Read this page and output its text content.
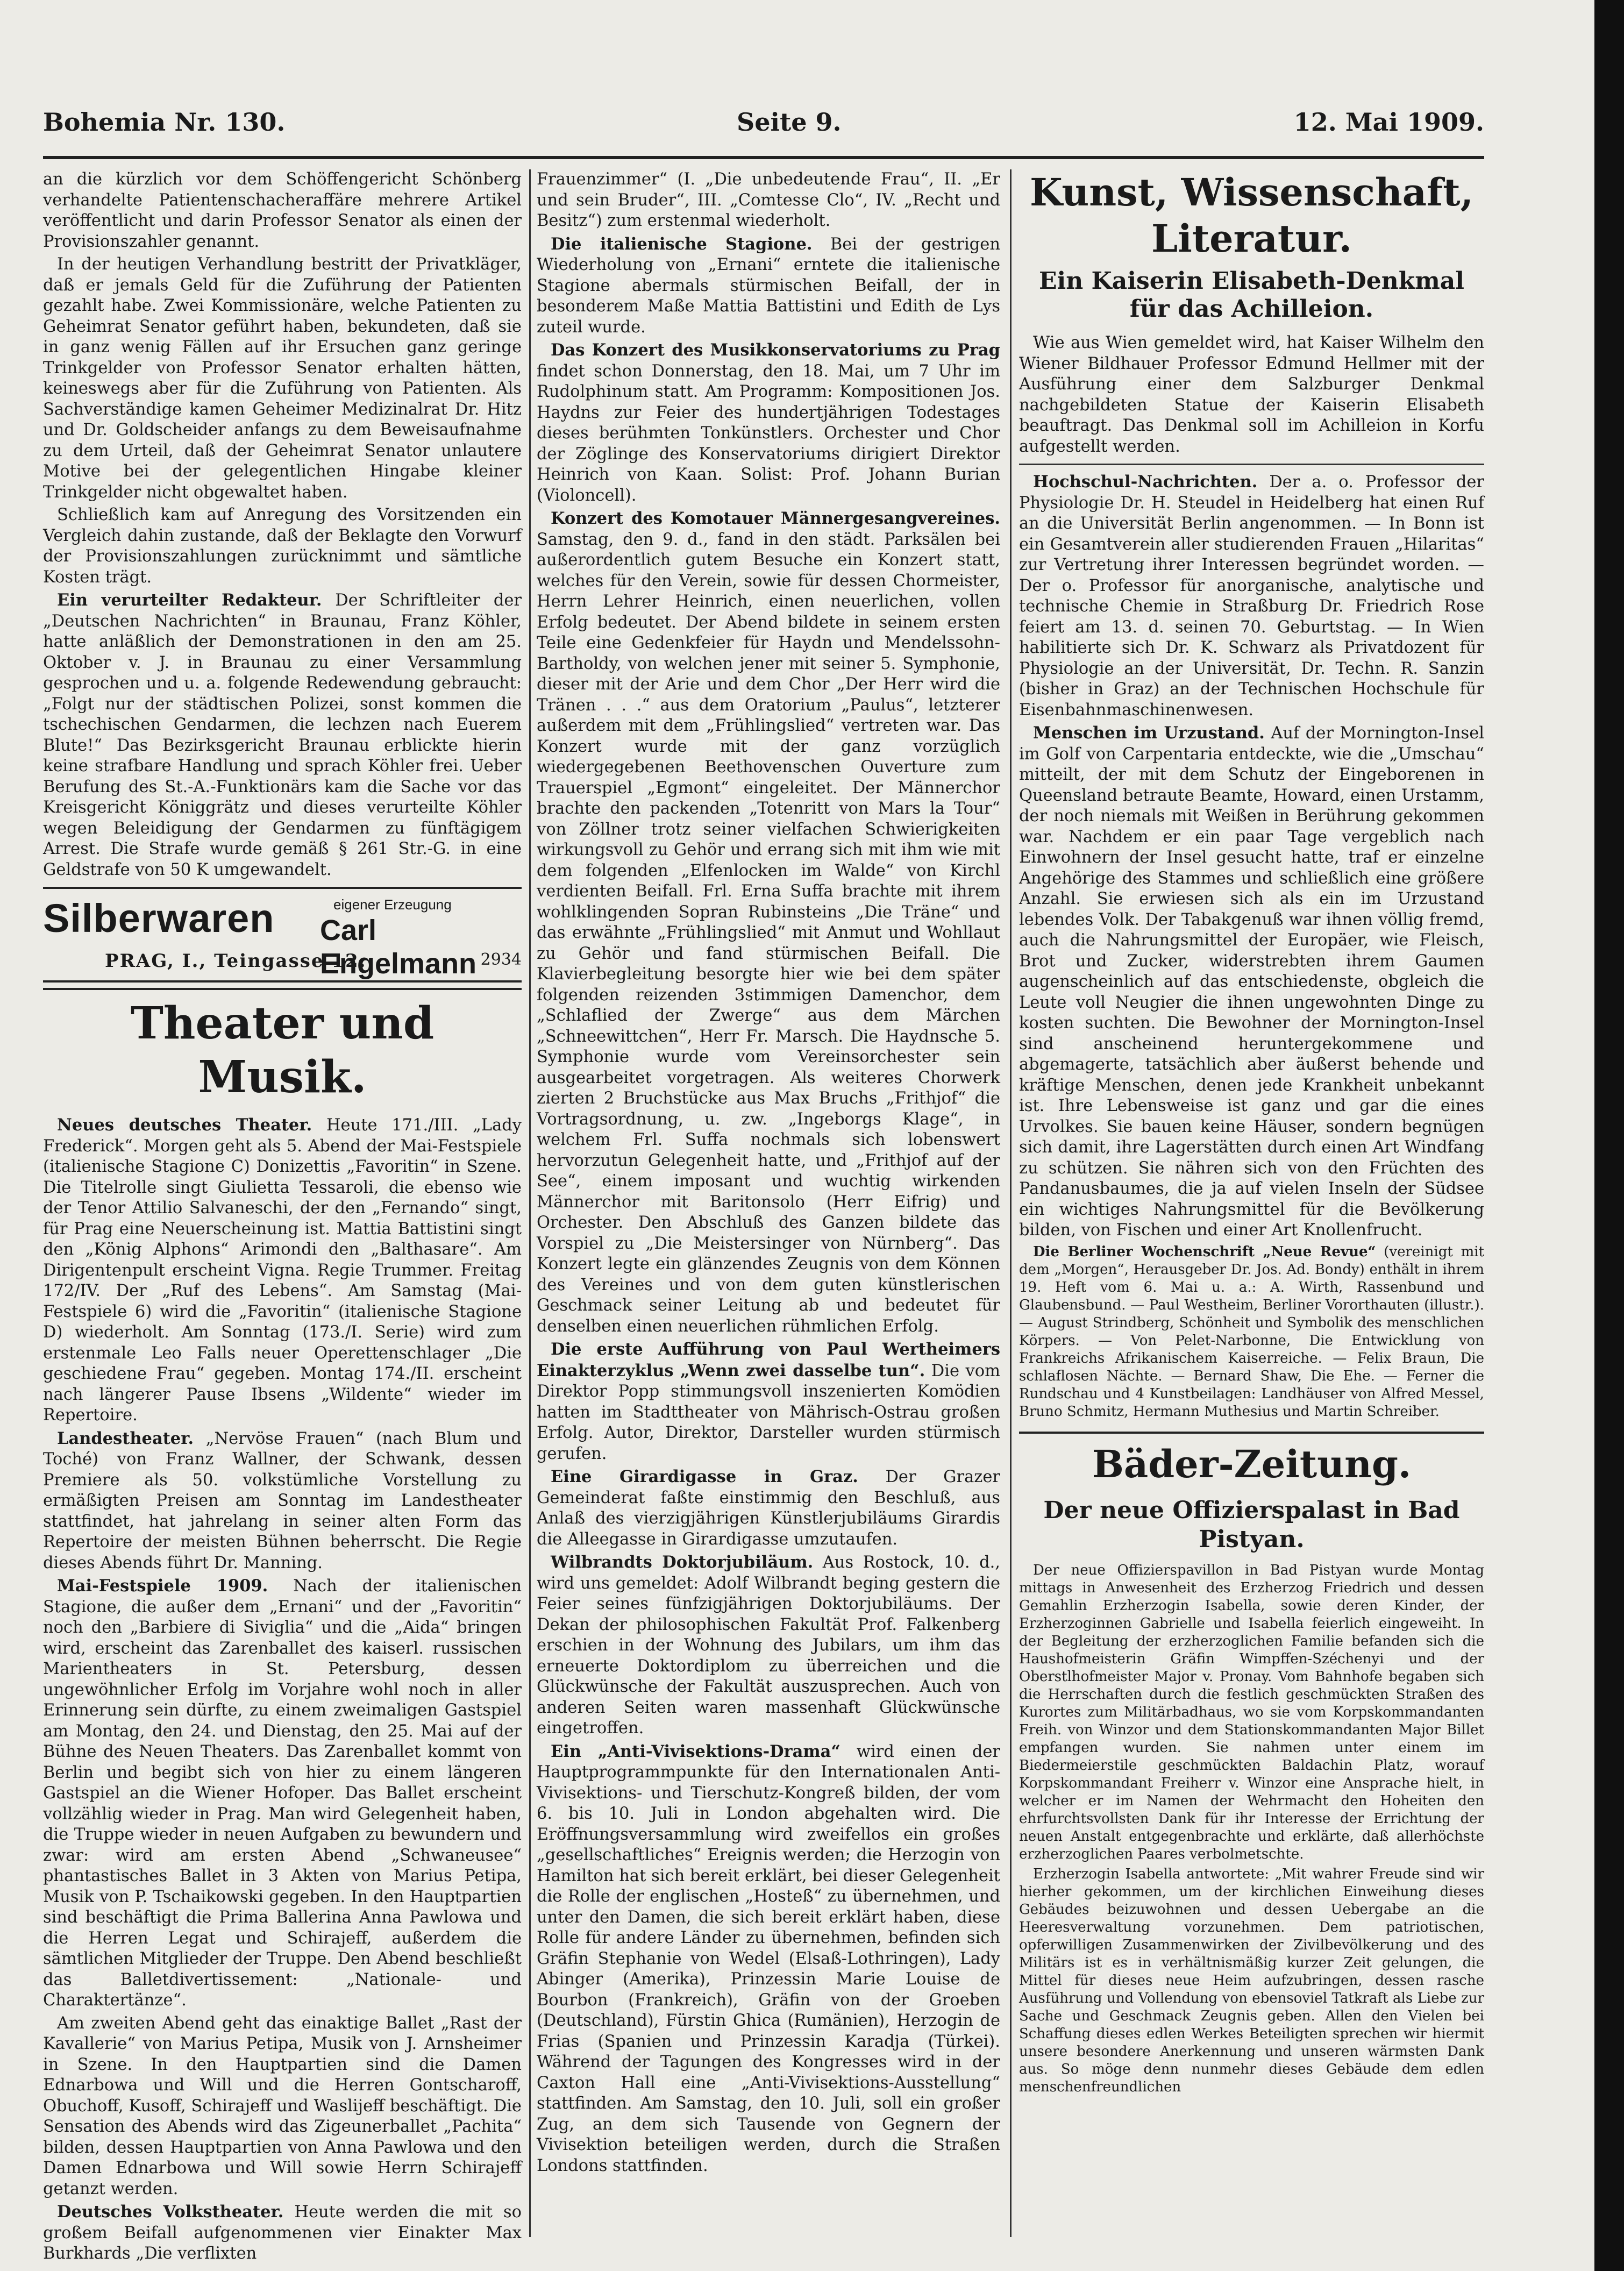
Bohemia Nr. 130.	Seite 9.	12. Mai 1909.

an die kürzlich vor dem Schöffengericht Schönberg verhandelte Patientenschacheraffäre mehrere Artikel veröffentlicht und darin Professor Senator als einen der Provisionszahler genannt.

In der heutigen Verhandlung bestritt der Privatkläger, daß er jemals Geld für die Zuführung der Patienten gezahlt habe. Zwei Kommissionäre, welche Patienten zu Geheimrat Senator geführt haben, bekundeten, daß sie in ganz wenig Fällen auf ihr Ersuchen ganz geringe Trinkgelder von Professor Senator erhalten hätten, keineswegs aber für die Zuführung von Patienten. Als Sachverständige kamen Geheimer Medizinalrat Dr. Hitz und Dr. Goldscheider anfangs zu dem Beweisaufnahme zu dem Urteil, daß der Geheimrat Senator unlautere Motive bei der gelegentlichen Hingabe kleiner Trinkgelder nicht obgewaltet haben.

Schließlich kam auf Anregung des Vorsitzenden ein Vergleich dahin zustande, daß der Beklagte den Vorwurf der Provisionszahlungen zurücknimmt und sämtliche Kosten trägt.

Ein verurteilter Redakteur. Der Schriftleiter der „Deutschen Nachrichten“ in Braunau, Franz Köhler, hatte anläßlich der Demonstrationen in den am 25. Oktober v. J. in Braunau zu einer Versammlung gesprochen und u. a. folgende Redewendung gebraucht: „Folgt nur der städtischen Polizei, sonst kommen die tschechischen Gendarmen, die lechzen nach Euerem Blute!“ Das Bezirksgericht Braunau erblickte hierin keine strafbare Handlung und sprach Köhler frei. Ueber Berufung des St.-A.-Funktionärs kam die Sache vor das Kreisgericht Königgrätz und dieses verurteilte Köhler wegen Beleidigung der Gendarmen zu fünftägigem Arrest. Die Strafe wurde gemäß § 261 Str.-G. in eine Geldstrafe von 50 K umgewandelt.

Silberwaren	eigener Erzeugung
Carl Engelmann
PRAG, I., Teingasse 12.	2934
Theater und Musik.

Neues deutsches Theater. Heute 171./III. „Lady Frederick“. Morgen geht als 5. Abend der Mai-Festspiele (italienische Stagione C) Donizettis „Favoritin“ in Szene. Die Titelrolle singt Giulietta Tessaroli, die ebenso wie der Tenor Attilio Salvaneschi, der den „Fernando“ singt, für Prag eine Neuerscheinung ist. Mattia Battistini singt den „König Alphons“ Arimondi den „Balthasare“. Am Dirigentenpult erscheint Vigna. Regie Trummer. Freitag 172/IV. Der „Ruf des Lebens“. Am Samstag (Mai-Festspiele 6) wird die „Favoritin“ (italienische Stagione D) wiederholt. Am Sonntag (173./I. Serie) wird zum erstenmale Leo Falls neuer Operettenschlager „Die geschiedene Frau“ gegeben. Montag 174./II. erscheint nach längerer Pause Ibsens „Wildente“ wieder im Repertoire.

Landestheater. „Nervöse Frauen“ (nach Blum und Toché) von Franz Wallner, der Schwank, dessen Premiere als 50. volkstümliche Vorstellung zu ermäßigten Preisen am Sonntag im Landestheater stattfindet, hat jahrelang in seiner alten Form das Repertoire der meisten Bühnen beherrscht. Die Regie dieses Abends führt Dr. Manning.

Mai-Festspiele 1909. Nach der italienischen Stagione, die außer dem „Ernani“ und der „Favoritin“ noch den „Barbiere di Siviglia“ und die „Aida“ bringen wird, erscheint das Zarenballet des kaiserl. russischen Marientheaters in St. Petersburg, dessen ungewöhnlicher Erfolg im Vorjahre wohl noch in aller Erinnerung sein dürfte, zu einem zweimaligen Gastspiel am Montag, den 24. und Dienstag, den 25. Mai auf der Bühne des Neuen Theaters. Das Zarenballet kommt von Berlin und begibt sich von hier zu einem längeren Gastspiel an die Wiener Hofoper. Das Ballet erscheint vollzählig wieder in Prag. Man wird Gelegenheit haben, die Truppe wieder in neuen Aufgaben zu bewundern und zwar: wird am ersten Abend „Schwaneusee“ phantastisches Ballet in 3 Akten von Marius Petipa, Musik von P. Tschaikowski gegeben. In den Hauptpartien sind beschäftigt die Prima Ballerina Anna Pawlowa und die Herren Legat und Schirajeff, außerdem die sämtlichen Mitglieder der Truppe. Den Abend beschließt das Balletdivertissement: „Nationale- und Charaktertänze“.

Am zweiten Abend geht das einaktige Ballet „Rast der Kavallerie“ von Marius Petipa, Musik von J. Arnsheimer in Szene. In den Hauptpartien sind die Damen Ednarbowa und Will und die Herren Gontscharoff, Obuchoff, Kusoff, Schirajeff und Waslijeff beschäftigt. Die Sensation des Abends wird das Zigeunerballet „Pachita“ bilden, dessen Hauptpartien von Anna Pawlowa und den Damen Ednarbowa und Will sowie Herrn Schirajeff getanzt werden.

Deutsches Volkstheater. Heute werden die mit so großem Beifall aufgenommenen vier Einakter Max Burkhards „Die verflixten

Frauenzimmer“ (I. „Die unbedeutende Frau“, II. „Er und sein Bruder“, III. „Comtesse Clo“, IV. „Recht und Besitz“) zum erstenmal wiederholt.

Die italienische Stagione. Bei der gestrigen Wiederholung von „Ernani“ erntete die italienische Stagione abermals stürmischen Beifall, der in besonderem Maße Mattia Battistini und Edith de Lys zuteil wurde.

Das Konzert des Musikkonservatoriums zu Prag findet schon Donnerstag, den 18. Mai, um 7 Uhr im Rudolphinum statt. Am Programm: Kompositionen Jos. Haydns zur Feier des hundertjährigen Todestages dieses berühmten Tonkünstlers. Orchester und Chor der Zöglinge des Konservatoriums dirigiert Direktor Heinrich von Kaan. Solist: Prof. Johann Burian (Violoncell).

Konzert des Komotauer Männergesangvereines. Samstag, den 9. d., fand in den städt. Parksälen bei außerordentlich gutem Besuche ein Konzert statt, welches für den Verein, sowie für dessen Chormeister, Herrn Lehrer Heinrich, einen neuerlichen, vollen Erfolg bedeutet. Der Abend bildete in seinem ersten Teile eine Gedenkfeier für Haydn und Mendelssohn-Bartholdy, von welchen jener mit seiner 5. Symphonie, dieser mit der Arie und dem Chor „Der Herr wird die Tränen . . .“ aus dem Oratorium „Paulus“, letzterer außerdem mit dem „Frühlingslied“ vertreten war. Das Konzert wurde mit der ganz vorzüglich wiedergegebenen Beethovenschen Ouverture zum Trauerspiel „Egmont“ eingeleitet. Der Männerchor brachte den packenden „Totenritt von Mars la Tour“ von Zöllner trotz seiner vielfachen Schwierigkeiten wirkungsvoll zu Gehör und errang sich mit ihm wie mit dem folgenden „Elfenlocken im Walde“ von Kirchl verdienten Beifall. Frl. Erna Suffa brachte mit ihrem wohlklingenden Sopran Rubinsteins „Die Träne“ und das erwähnte „Frühlingslied“ mit Anmut und Wohllaut zu Gehör und fand stürmischen Beifall. Die Klavierbegleitung besorgte hier wie bei dem später folgenden reizenden 3stimmigen Damenchor, dem „Schlaflied der Zwerge“ aus dem Märchen „Schneewittchen“, Herr Fr. Marsch. Die Haydnsche 5. Symphonie wurde vom Vereinsorchester sein ausgearbeitet vorgetragen. Als weiteres Chorwerk zierten 2 Bruchstücke aus Max Bruchs „Frithjof“ die Vortragsordnung, u. zw. „Ingeborgs Klage“, in welchem Frl. Suffa nochmals sich lobenswert hervorzutun Gelegenheit hatte, und „Frithjof auf der See“, einem imposant und wuchtig wirkenden Männerchor mit Baritonsolo (Herr Eifrig) und Orchester. Den Abschluß des Ganzen bildete das Vorspiel zu „Die Meistersinger von Nürnberg“. Das Konzert legte ein glänzendes Zeugnis von dem Können des Vereines und von dem guten künstlerischen Geschmack seiner Leitung ab und bedeutet für denselben einen neuerlichen rühmlichen Erfolg.

Die erste Aufführung von Paul Wertheimers Einakterzyklus „Wenn zwei dasselbe tun“. Die vom Direktor Popp stimmungsvoll inszenierten Komödien hatten im Stadttheater von Mährisch-Ostrau großen Erfolg. Autor, Direktor, Darsteller wurden stürmisch gerufen.

Eine Girardigasse in Graz. Der Grazer Gemeinderat faßte einstimmig den Beschluß, aus Anlaß des vierzigjährigen Künstlerjubiläums Girardis die Alleegasse in Girardigasse umzutaufen.

Wilbrandts Doktorjubiläum. Aus Rostock, 10. d., wird uns gemeldet: Adolf Wilbrandt beging gestern die Feier seines fünfzigjährigen Doktorjubiläums. Der Dekan der philosophischen Fakultät Prof. Falkenberg erschien in der Wohnung des Jubilars, um ihm das erneuerte Doktordiplom zu überreichen und die Glückwünsche der Fakultät auszusprechen. Auch von anderen Seiten waren massenhaft Glückwünsche eingetroffen.

Ein „Anti-Vivisektions-Drama“ wird einen der Hauptprogrammpunkte für den Internationalen Anti-Vivisektions- und Tierschutz-Kongreß bilden, der vom 6. bis 10. Juli in London abgehalten wird. Die Eröffnungsversammlung wird zweifellos ein großes „gesellschaftliches“ Ereignis werden; die Herzogin von Hamilton hat sich bereit erklärt, bei dieser Gelegenheit die Rolle der englischen „Hosteß“ zu übernehmen, und unter den Damen, die sich bereit erklärt haben, diese Rolle für andere Länder zu übernehmen, befinden sich Gräfin Stephanie von Wedel (Elsaß-Lothringen), Lady Abinger (Amerika), Prinzessin Marie Louise de Bourbon (Frankreich), Gräfin von der Groeben (Deutschland), Fürstin Ghica (Rumänien), Herzogin de Frias (Spanien und Prinzessin Karadja (Türkei). Während der Tagungen des Kongresses wird in der Caxton Hall eine „Anti-Vivisektions-Ausstellung“ stattfinden. Am Samstag, den 10. Juli, soll ein großer Zug, an dem sich Tausende von Gegnern der Vivisektion beteiligen werden, durch die Straßen Londons stattfinden.

Kunst, Wissenschaft, Literatur.
Ein Kaiserin Elisabeth-Denkmal für das Achilleion.

Wie aus Wien gemeldet wird, hat Kaiser Wilhelm den Wiener Bildhauer Professor Edmund Hellmer mit der Ausführung einer dem Salzburger Denkmal nachgebildeten Statue der Kaiserin Elisabeth beauftragt. Das Denkmal soll im Achilleion in Korfu aufgestellt werden.

Hochschul-Nachrichten. Der a. o. Professor der Physiologie Dr. H. Steudel in Heidelberg hat einen Ruf an die Universität Berlin angenommen. — In Bonn ist ein Gesamtverein aller studierenden Frauen „Hilaritas“ zur Vertretung ihrer Interessen begründet worden. — Der o. Professor für anorganische, analytische und technische Chemie in Straßburg Dr. Friedrich Rose feiert am 13. d. seinen 70. Geburtstag. — In Wien habilitierte sich Dr. K. Schwarz als Privatdozent für Physiologie an der Universität, Dr. Techn. R. Sanzin (bisher in Graz) an der Technischen Hochschule für Eisenbahnmaschinenwesen.

Menschen im Urzustand. Auf der Mornington-Insel im Golf von Carpentaria entdeckte, wie die „Umschau“ mitteilt, der mit dem Schutz der Eingeborenen in Queensland betraute Beamte, Howard, einen Urstamm, der noch niemals mit Weißen in Berührung gekommen war. Nachdem er ein paar Tage vergeblich nach Einwohnern der Insel gesucht hatte, traf er einzelne Angehörige des Stammes und schließlich eine größere Anzahl. Sie erwiesen sich als ein im Urzustand lebendes Volk. Der Tabakgenuß war ihnen völlig fremd, auch die Nahrungsmittel der Europäer, wie Fleisch, Brot und Zucker, widerstrebten ihrem Gaumen augenscheinlich auf das entschiedenste, obgleich die Leute voll Neugier die ihnen ungewohnten Dinge zu kosten suchten. Die Bewohner der Mornington-Insel sind anscheinend heruntergekommene und abgemagerte, tatsächlich aber äußerst behende und kräftige Menschen, denen jede Krankheit unbekannt ist. Ihre Lebensweise ist ganz und gar die eines Urvolkes. Sie bauen keine Häuser, sondern begnügen sich damit, ihre Lagerstätten durch einen Art Windfang zu schützen. Sie nähren sich von den Früchten des Pandanusbaumes, die ja auf vielen Inseln der Südsee ein wichtiges Nahrungsmittel für die Bevölkerung bilden, von Fischen und einer Art Knollenfrucht.

Die Berliner Wochenschrift „Neue Revue“ (vereinigt mit dem „Morgen“, Herausgeber Dr. Jos. Ad. Bondy) enthält in ihrem 19. Heft vom 6. Mai u. a.: A. Wirth, Rassenbund und Glaubensbund. — Paul Westheim, Berliner Vororthauten (illustr.). — August Strindberg, Schönheit und Symbolik des menschlichen Körpers. — Von Pelet-Narbonne, Die Entwicklung von Frankreichs Afrikanischem Kaiserreiche. — Felix Braun, Die schlaflosen Nächte. — Bernard Shaw, Die Ehe. — Ferner die Rundschau und 4 Kunstbeilagen: Landhäuser von Alfred Messel, Bruno Schmitz, Hermann Muthesius und Martin Schreiber.

Bäder-Zeitung.
Der neue Offizierspalast in Bad Pistyan.

Der neue Offizierspavillon in Bad Pistyan wurde Montag mittags in Anwesenheit des Erzherzog Friedrich und dessen Gemahlin Erzherzogin Isabella, sowie deren Kinder, der Erzherzoginnen Gabrielle und Isabella feierlich eingeweiht. In der Begleitung der erzherzoglichen Familie befanden sich die Haushofmeisterin Gräfin Wimpffen-Széchenyi und der Oberstlhofmeister Major v. Pronay. Vom Bahnhofe begaben sich die Herrschaften durch die festlich geschmückten Straßen des Kurortes zum Militärbadhaus, wo sie vom Korpskommandanten Freih. von Winzor und dem Stationskommandanten Major Billet empfangen wurden. Sie nahmen unter einem im Biedermeierstile geschmückten Baldachin Platz, worauf Korpskommandant Freiherr v. Winzor eine Ansprache hielt, in welcher er im Namen der Wehrmacht den Hoheiten den ehrfurchtsvollsten Dank für ihr Interesse der Errichtung der neuen Anstalt entgegenbrachte und erklärte, daß allerhöchste erzherzoglichen Paares verbolmetschte.

Erzherzogin Isabella antwortete: „Mit wahrer Freude sind wir hierher gekommen, um der kirchlichen Einweihung dieses Gebäudes beizuwohnen und dessen Uebergabe an die Heeresverwaltung vorzunehmen. Dem patriotischen, opferwilligen Zusammenwirken der Zivilbevölkerung und des Militärs ist es in verhältnismäßig kurzer Zeit gelungen, die Mittel für dieses neue Heim aufzubringen, dessen rasche Ausführung und Vollendung von ebensoviel Tatkraft als Liebe zur Sache und Geschmack Zeugnis geben. Allen den Vielen bei Schaffung dieses edlen Werkes Beteiligten sprechen wir hiermit unsere besondere Anerkennung und unseren wärmsten Dank aus. So möge denn nunmehr dieses Gebäude dem edlen menschenfreundlichen
